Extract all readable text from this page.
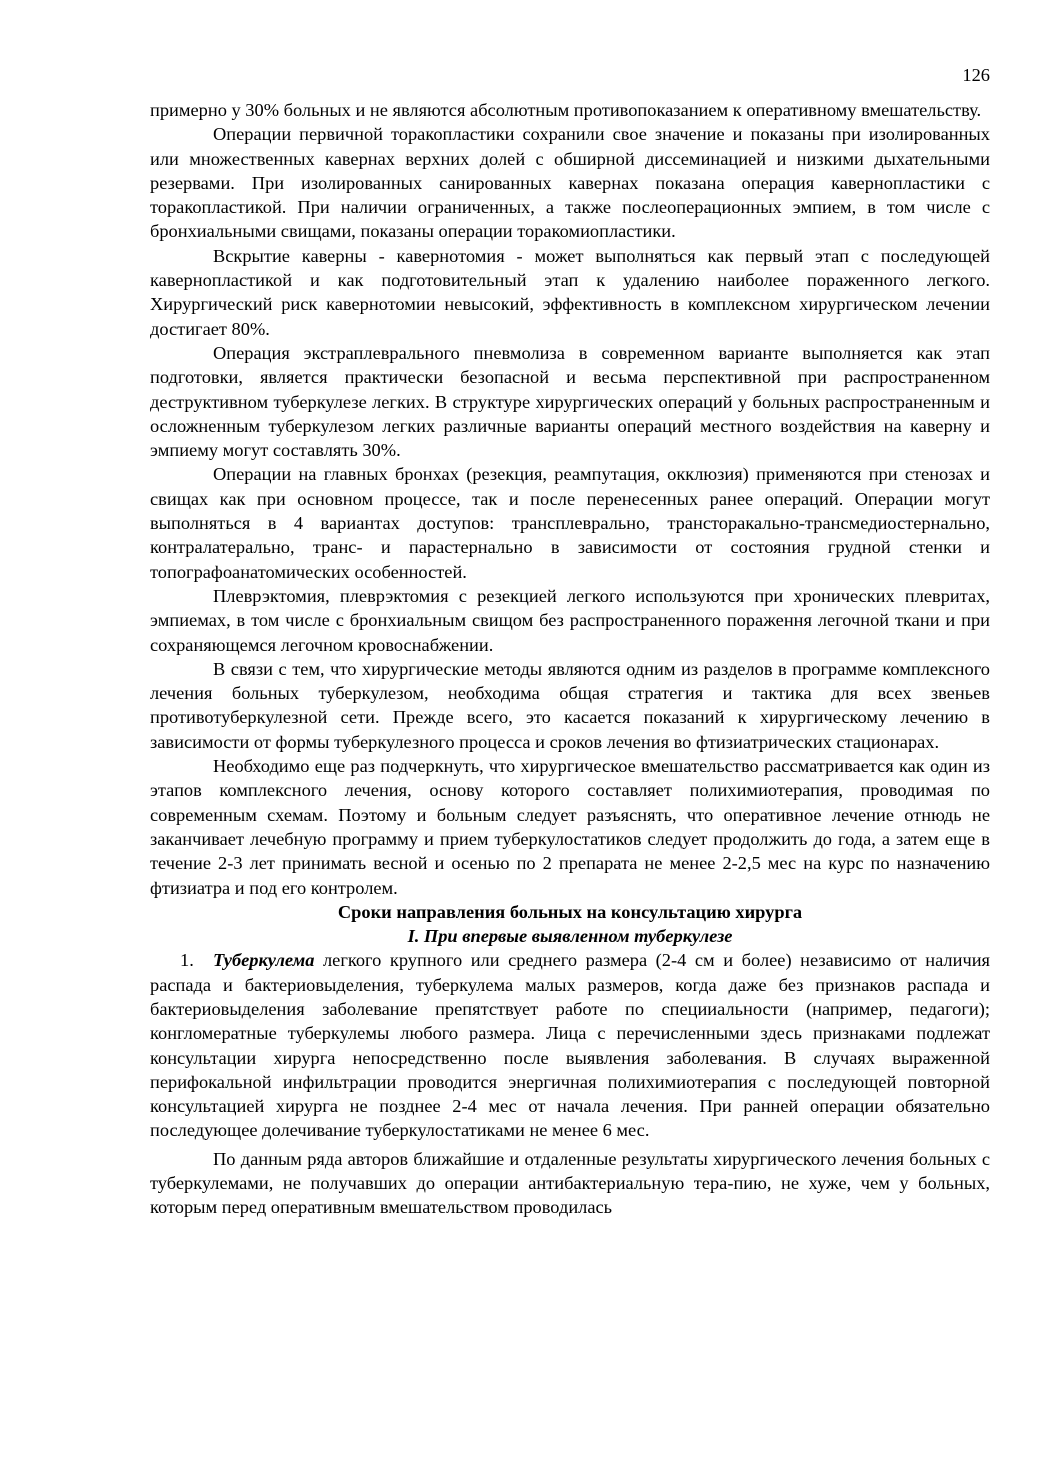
126

примерно у 30% больных и не являются абсолютным противопоказанием к оперативному вмешательству.

Операции первичной торакопластики сохранили свое значение и показаны при изолированных или множественных кавернах верхних долей с обширной диссеминацией и низкими дыхательными резервами. При изолированных санированных кавернах показана операция кавернопластики с торакопластикой. При наличии ограниченных, а также послеоперационных эмпием, в том числе с бронхиальными свищами, показаны операции торакомиопластики.

Вскрытие каверны - кавернотомия - может выполняться как первый этап с последующей кавернопластикой и как подготовительный этап к удалению наиболее пораженного легкого. Хирургический риск кавернотомии невысокий, эффективность в комплексном хирургическом лечении достигает 80%.

Операция экстраплеврального пневмолиза в современном варианте выполняется как этап подготовки, является практически безопасной и весьма перспективной при распространенном деструктивном туберкулезе легких. В структуре хирургических операций у больных распространенным и осложненным туберкулезом легких различные варианты операций местного воздействия на каверну и эмпиему могут составлять 30%.

Операции на главных бронхах (резекция, реампутация, окклюзия) применяются при стенозах и свищах как при основном процессе, так и после перенесенных ранее операций. Операции могут выполняться в 4 вариантах доступов: трансплеврально, трансторакально-трансмедиостернально, контралатерально, транс- и парастернально в зависимости от состояния грудной стенки и топографоанатомических особенностей.

Плеврэктомия, плеврэктомия с резекцией легкого используются при хронических плевритах, эмпиемах, в том числе с бронхиальным свищом без распространенного пораження легочной ткани и при сохраняющемся легочном кровоснабжении.

В связи с тем, что хирургические методы являются одним из разделов в программе комплексного лечения больных туберкулезом, необходима общая стратегия и тактика для всех звеньев противотуберкулезной сети. Прежде всего, это касается показаний к хирургическому лечению в зависимости от формы туберкулезного процесса и сроков лечения во фтизиатрических стационарах.

Необходимо еще раз подчеркнуть, что хирургическое вмешательство рассматривается как один из этапов комплексного лечения, основу которого составляет полихимиотерапия, проводимая по современным схемам. Поэтому и больным следует разъяснять, что оперативное лечение отнюдь не заканчивает лечебную программу и прием туберкулостатиков следует продолжить до года, а затем еще в течение 2-3 лет принимать весной и осенью по 2 препарата не менее 2-2,5 мес на курс по назначению фтизиатра и под его контролем.

Сроки направления больных на консультацию хирурга
I. При впервые выявленном туберкулезе

1. Туберкулема легкого крупного или среднего размера (2-4 см и более) независимо от наличия распада и бактериовыделения, туберкулема малых размеров, когда даже без признаков распада и бактериовыделения заболевание препятствует работе по специиальности (например, педагоги); конгломератные туберкулемы любого размера. Лица с перечисленными здесь признаками подлежат консультации хирурга непосредственно после выявления заболевания. В случаях выраженной перифокальной инфильтрации проводится энергичная полихимиотерапия с последующей повторной консультацией хирурга не позднее 2-4 мес от начала лечения. При ранней операции обязательно последующее долечивание туберкулостатиками не менее 6 мес.

По данным ряда авторов ближайшие и отдаленные результаты хирургического лечения больных с туберкулемами, не получавших до операции антибактериальную тера-пию, не хуже, чем у больных, которым перед оперативным вмешательством проводилась
